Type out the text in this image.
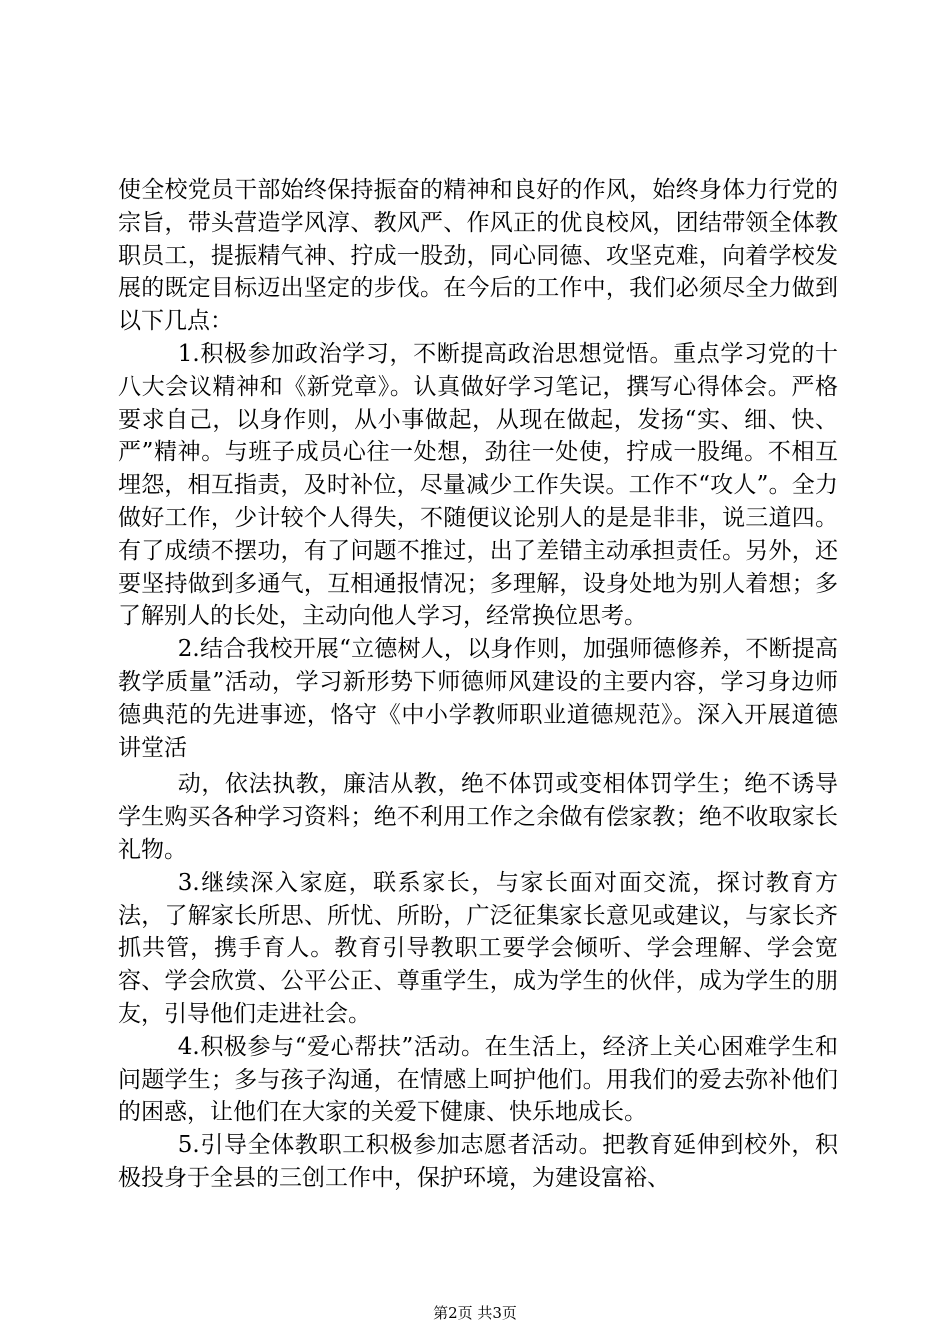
使全校党员干部始终保持振奋的精神和良好的作风，始终身体力行党的宗旨，带头营造学风淳、教风严、作风正的优良校风，团结带领全体教职员工，提振精气神、拧成一股劲，同心同德、攻坚克难，向着学校发展的既定目标迈出坚定的步伐。在今后的工作中，我们必须尽全力做到以下几点：

1.积极参加政治学习，不断提高政治思想觉悟。重点学习党的十八大会议精神和《新党章》。认真做好学习笔记，撰写心得体会。严格要求自己，以身作则，从小事做起，从现在做起，发扬“实、细、快、严”精神。与班子成员心往一处想，劲往一处使，拧成一股绳。不相互埋怨，相互指责，及时补位，尽量减少工作失误。工作不“攻人”。全力做好工作，少计较个人得失，不随便议论别人的是是非非，说三道四。有了成绩不摆功，有了问题不推过，出了差错主动承担责任。另外，还要坚持做到多通气，互相通报情况；多理解，设身处地为别人着想；多了解别人的长处，主动向他人学习，经常换位思考。

2.结合我校开展“立德树人，以身作则，加强师德修养，不断提高教学质量”活动，学习新形势下师德师风建设的主要内容，学习身边师德典范的先进事迹，恪守《中小学教师职业道德规范》。深入开展道德讲堂活

动，依法执教，廉洁从教，绝不体罚或变相体罚学生；绝不诱导学生购买各种学习资料；绝不利用工作之余做有偿家教；绝不收取家长礼物。

3.继续深入家庭，联系家长，与家长面对面交流，探讨教育方法，了解家长所思、所忧、所盼，广泛征集家长意见或建议，与家长齐抓共管，携手育人。教育引导教职工要学会倾听、学会理解、学会宽容、学会欣赏、公平公正、尊重学生，成为学生的伙伴，成为学生的朋友，引导他们走进社会。

4.积极参与“爱心帮扶”活动。在生活上，经济上关心困难学生和问题学生；多与孩子沟通，在情感上呵护他们。用我们的爱去弥补他们的困惑，让他们在大家的关爱下健康、快乐地成长。

5.引导全体教职工积极参加志愿者活动。把教育延伸到校外，积极投身于全县的三创工作中，保护环境，为建设富裕、

第2页 共3页
